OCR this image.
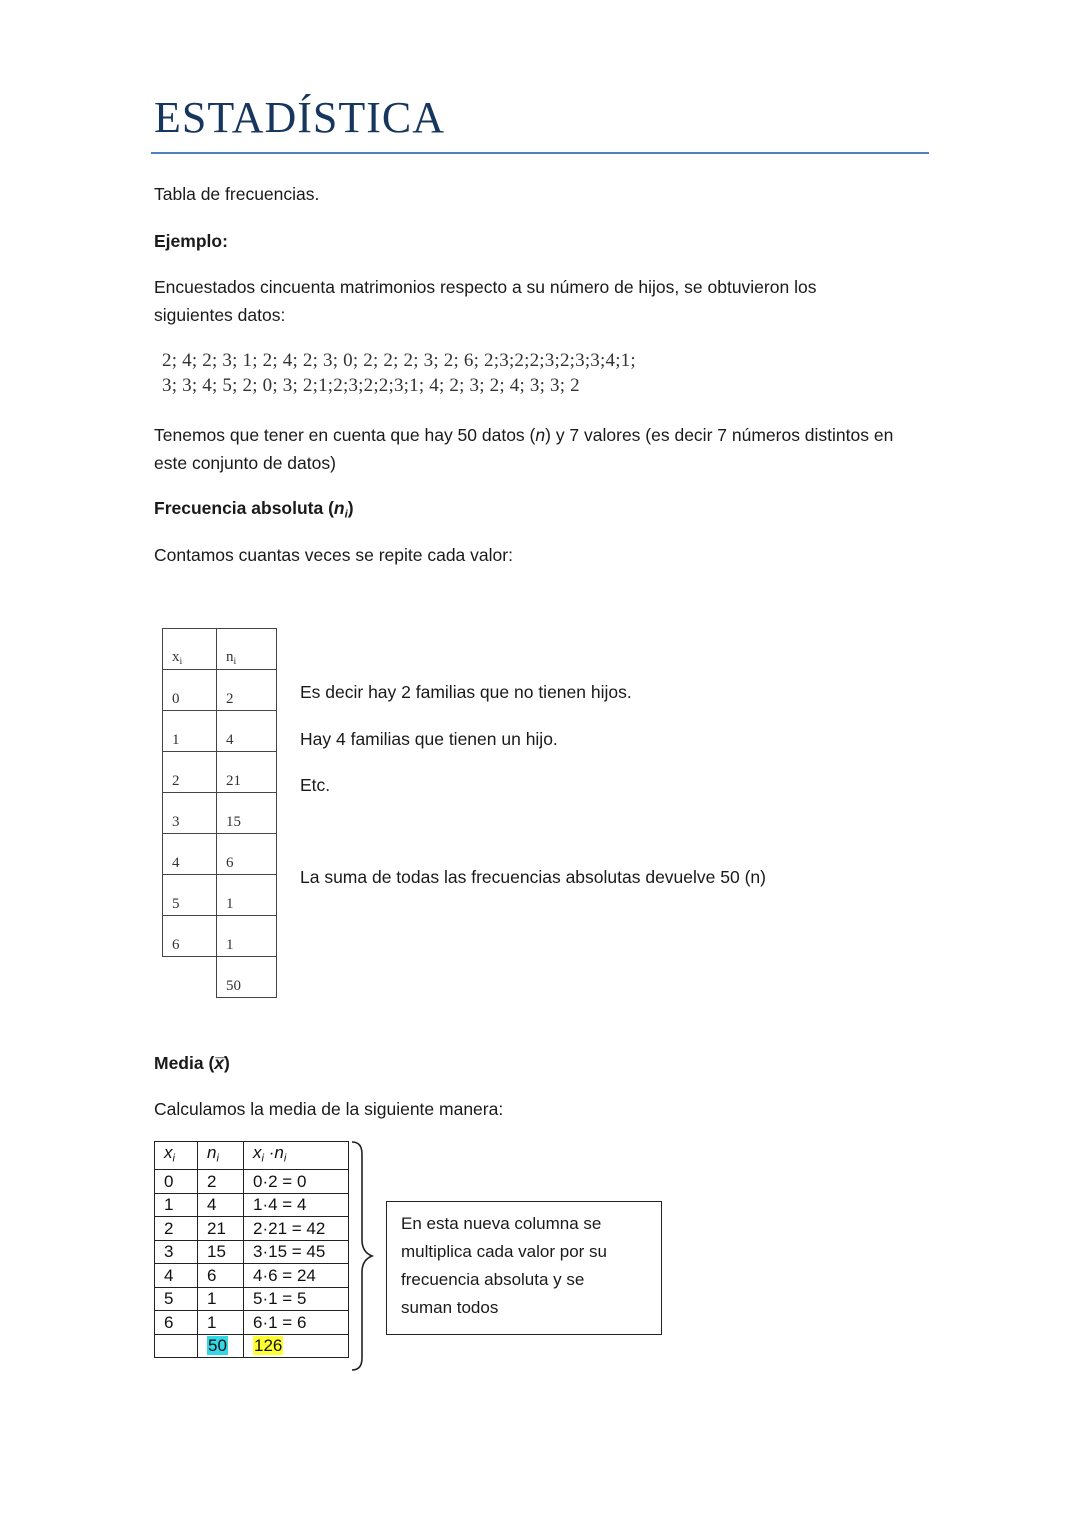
ESTADÍSTICA

Tabla de frecuencias.

Ejemplo:

Encuestados cincuenta matrimonios respecto a su número de hijos, se obtuvieron los

siguientes datos:

2; 4; 2; 3; 1; 2; 4; 2; 3; 0; 2; 2; 2; 3; 2; 6; 2;3;2;2;3;2;3;3;4;1;

3; 3; 4; 5; 2; 0; 3; 2;1;2;3;2;2;3;1; 4; 2; 3; 2; 4; 3; 3; 2

Tenemos que tener en cuenta que hay 50 datos (n) y 7 valores (es decir 7 números distintos en

este conjunto de datos)

Frecuencia absoluta $(n_i)$

Contamos cuantas veces se repite cada valor:

$x_i$	$n_i$
0	2
1	4
2	21
3	15
4	6
5	1
6	1
	50

Es decir hay 2 familias que no tienen hijos.

Hay 4 familias que tienen un hijo.

Etc.

La suma de todas las frecuencias absolutas devuelve 50 (n)

Media (x̅)

Calculamos la media de la siguiente manera:

$x_i$	$n_i$	$x_i \cdot n_i$
0	2	0·2 = 0
1	4	1·4 = 4
2	21	2·21 = 42
3	15	3·15 = 45
4	6	4·6 = 24
5	1	5·1 = 5
6	1	6·1 = 6
	50	126
En esta nueva columna se
multiplica cada valor por su
frecuencia absoluta y se
suman todos
